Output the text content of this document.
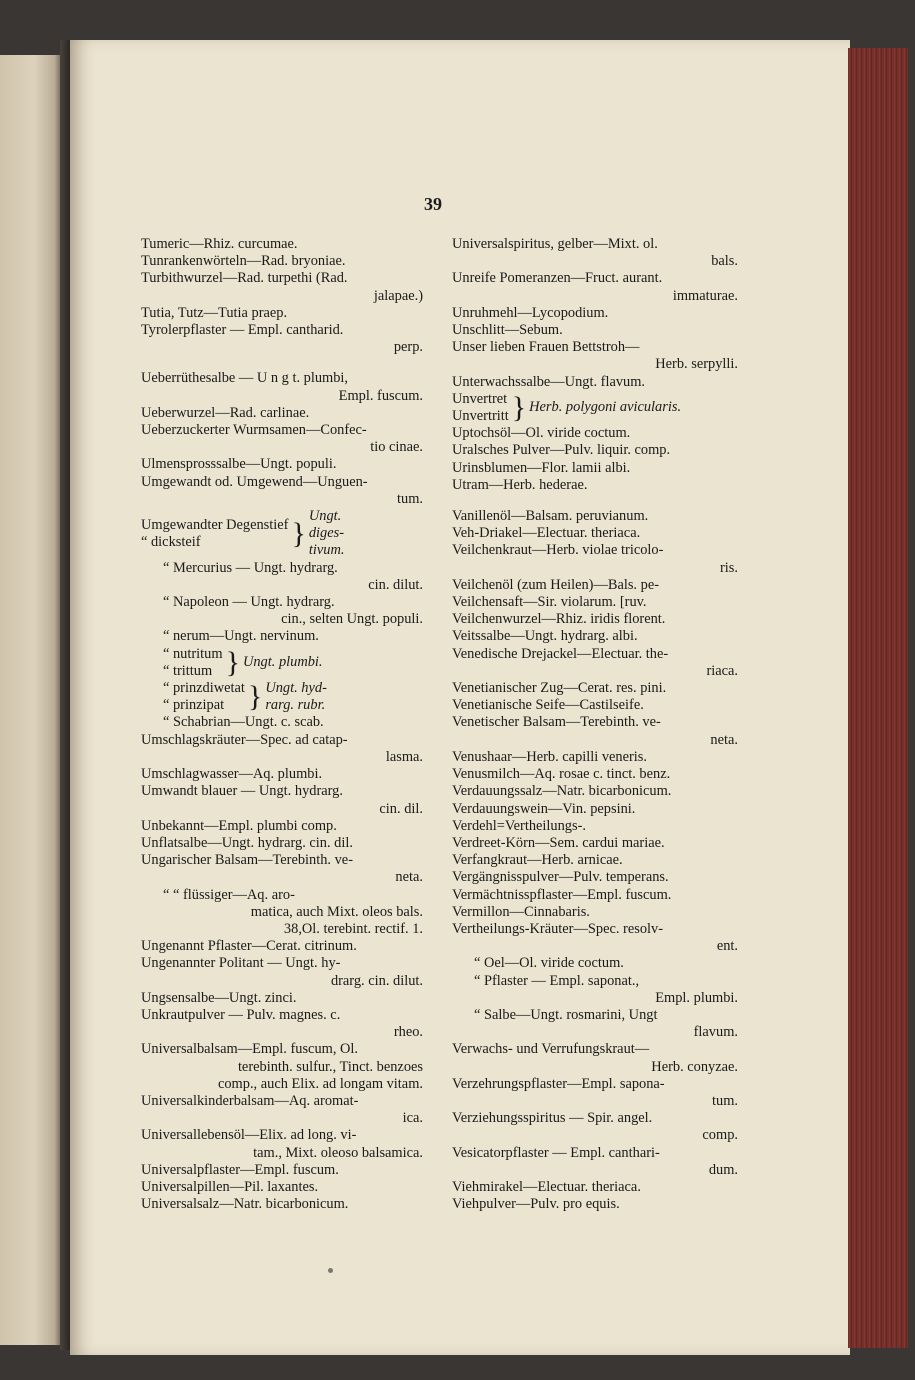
39

Tumeric—Rhiz. curcumae.

Tunrankenwörteln—Rad. bryoniae.

Turbithwurzel—Rad. turpethi (Rad.

jalapae.)

Tutia, Tutz—Tutia praep.

Tyrolerpflaster — Empl. cantharid.

perp.

Ueberrüthesalbe — U n g t. plumbi,

Empl. fuscum.

Ueberwurzel—Rad. carlinae.

Ueberzuckerter Wurmsamen—Confec-

tio cinae.

Ulmensprosssalbe—Ungt. populi.

Umgewandt od. Umgewend—Unguen-

tum.

Umgewandter Degenstief
“ dicksteif	}
Ungt. diges- tivum.

“ Mercurius — Ungt. hydrarg.

cin. dilut.

“ Napoleon — Ungt. hydrarg.

cin., selten Ungt. populi.

“ nerum—Ungt. nervinum.

“ nutritum
“ trittum } Ungt. plumbi.
“ prinzdiwetat
“ prinzipat } Ungt. hyd- rarg. rubr.

“ Schabrian—Ungt. c. scab.

Umschlagskräuter—Spec. ad catap-

lasma.

Umschlagwasser—Aq. plumbi.

Umwandt blauer — Ungt. hydrarg.

cin. dil.

Unbekannt—Empl. plumbi comp.

Unflatsalbe—Ungt. hydrarg. cin. dil.

Ungarischer Balsam—Terebinth. ve-

neta.

“ “ flüssiger—Aq. aro-

matica, auch Mixt. oleos bals.

38,Ol. terebint. rectif. 1.

Ungenannt Pflaster—Cerat. citrinum.

Ungenannter Politant — Ungt. hy-

drarg. cin. dilut.

Ungsensalbe—Ungt. zinci.

Unkrautpulver — Pulv. magnes. c.

rheo.

Universalbalsam—Empl. fuscum, Ol.

terebinth. sulfur., Tinct. benzoes

comp., auch Elix. ad longam vitam.

Universalkinderbalsam—Aq. aromat-

ica.

Universallebensöl—Elix. ad long. vi-

tam., Mixt. oleoso balsamica.

Universalpflaster—Empl. fuscum.

Universalpillen—Pil. laxantes.

Universalsalz—Natr. bicarbonicum.

Universalspiritus, gelber—Mixt. ol.

bals.

Unreife Pomeranzen—Fruct. aurant.

immaturae.

Unruhmehl—Lycopodium.

Unschlitt—Sebum.

Unser lieben Frauen Bettstroh—

Herb. serpylli.

Unterwachssalbe—Ungt. flavum.

Unvertret
Unvertritt } Herb. polygoni avicularis.

Uptochsöl—Ol. viride coctum.

Uralsches Pulver—Pulv. liquir. comp.

Urinsblumen—Flor. lamii albi.

Utram—Herb. hederae.

Vanillenöl—Balsam. peruvianum.

Veh-Driakel—Electuar. theriaca.

Veilchenkraut—Herb. violae tricolo-

ris.

Veilchenöl (zum Heilen)—Bals. pe-

Veilchensaft—Sir. violarum. [ruv.

Veilchenwurzel—Rhiz. iridis florent.

Veitssalbe—Ungt. hydrarg. albi.

Venedische Drejackel—Electuar. the-

riaca.

Venetianischer Zug—Cerat. res. pini.

Venetianische Seife—Castilseife.

Venetischer Balsam—Terebinth. ve-

neta.

Venushaar—Herb. capilli veneris.

Venusmilch—Aq. rosae c. tinct. benz.

Verdauungssalz—Natr. bicarbonicum.

Verdauungswein—Vin. pepsini.

Verdehl=Vertheilungs-.

Verdreet-Körn—Sem. cardui mariae.

Verfangkraut—Herb. arnicae.

Vergängnisspulver—Pulv. temperans.

Vermächtnisspflaster—Empl. fuscum.

Vermillon—Cinnabaris.

Vertheilungs-Kräuter—Spec. resolv-

ent.

“ Oel—Ol. viride coctum.

“ Pflaster — Empl. saponat.,

Empl. plumbi.

“ Salbe—Ungt. rosmarini, Ungt

flavum.

Verwachs- und Verrufungskraut—

Herb. conyzae.

Verzehrungspflaster—Empl. sapona-

tum.

Verziehungsspiritus — Spir. angel.

comp.

Vesicatorpflaster — Empl. canthari-

dum.

Viehmirakel—Electuar. theriaca.

Viehpulver—Pulv. pro equis.
